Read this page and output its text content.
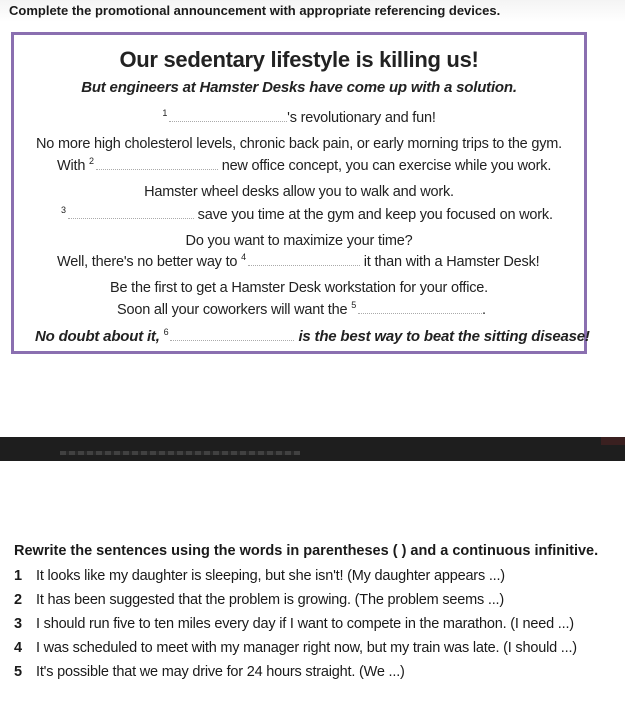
Complete the promotional announcement with appropriate referencing devices.
Our sedentary lifestyle is killing us!
But engineers at Hamster Desks have come up with a solution.
$^1$	's revolutionary and fun!
No more high cholesterol levels, chronic back pain, or early morning trips to the gym.
With $^2$	new office concept, you can exercise while you work.
Hamster wheel desks allow you to walk and work.
$^3$	save you time at the gym and keep you focused on work.
Do you want to maximize your time?
Well, there's no better way to $^4$	it than with a Hamster Desk!
Be the first to get a Hamster Desk workstation for your office.
Soon all your coworkers will want the $^5$	.
No doubt about it, $^6$	is the best way to beat the sitting disease!
Rewrite the sentences using the words in parentheses ( ) and a continuous infinitive.
1 It looks like my daughter is sleeping, but she isn't! (My daughter appears ...)
2 It has been suggested that the problem is growing. (The problem seems ...)
3 I should run five to ten miles every day if I want to compete in the marathon. (I need ...)
4 I was scheduled to meet with my manager right now, but my train was late. (I should ...)
5 It's possible that we may drive for 24 hours straight. (We ...)
